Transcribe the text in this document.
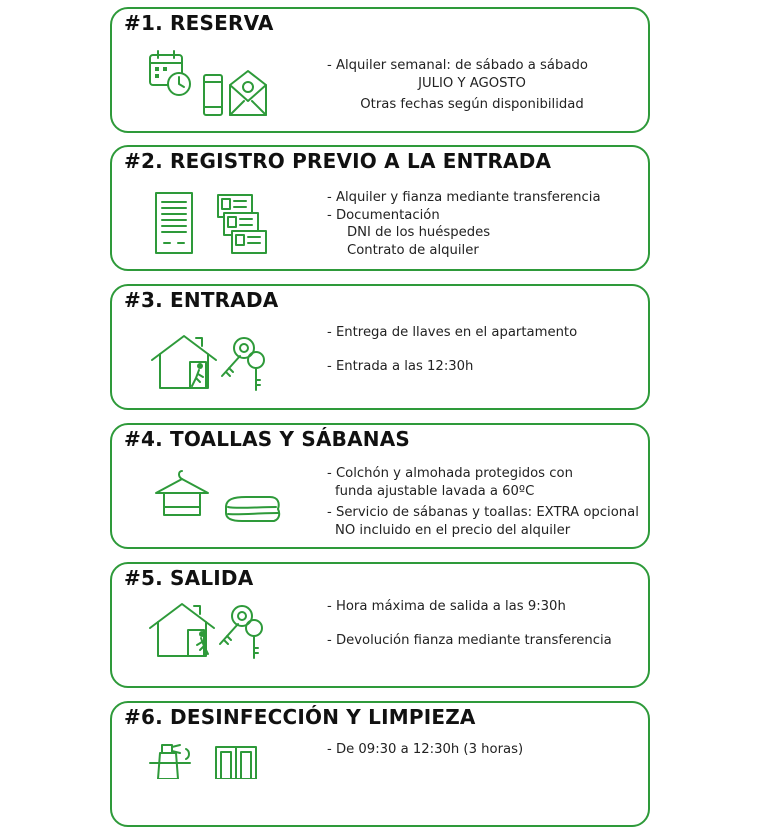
#1. RESERVA
- Alquiler semanal: de sábado a sábado
JULIO Y AGOSTO
Otras fechas según disponibilidad
#2. REGISTRO PREVIO A LA ENTRADA
- Alquiler y fianza mediante transferencia
- Documentación
DNI de los huéspedes
Contrato de alquiler
#3. ENTRADA
- Entrega de llaves en el apartamento
- Entrada a las 12:30h
#4. TOALLAS Y SÁBANAS
- Colchón y almohada protegidos con
funda ajustable lavada a 60ºC
- Servicio de sábanas y toallas: EXTRA opcional
NO incluido en el precio del alquiler
#5. SALIDA
- Hora máxima de salida a las 9:30h
- Devolución fianza mediante transferencia
#6. DESINFECCIÓN Y LIMPIEZA
- De 09:30 a 12:30h (3 horas)
